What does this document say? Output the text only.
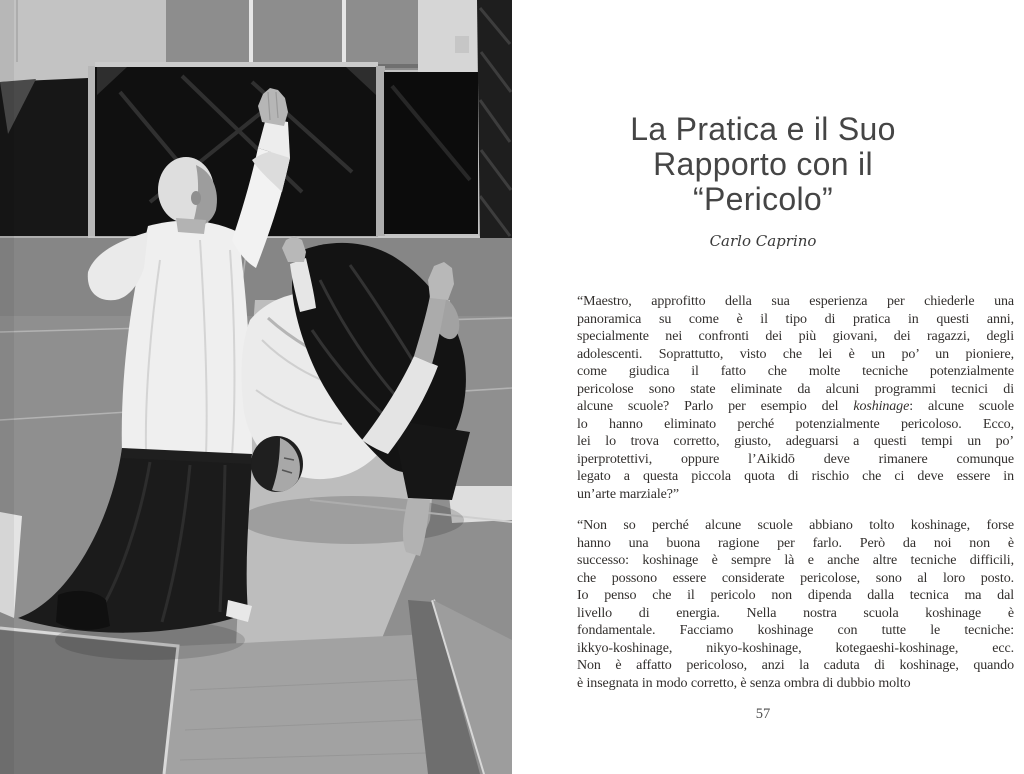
La Pratica e il Suo
Rapporto con il
“Pericolo”
Carlo Caprino
“Maestro, approfitto della sua esperienza per chiederle una
panoramica su come è il tipo di pratica in questi anni,
specialmente nei confronti dei più giovani, dei ragazzi, degli
adolescenti. Soprattutto, visto che lei è un po’ un pioniere,
come giudica il fatto che molte tecniche potenzialmente
pericolose sono state eliminate da alcuni programmi tecnici di
alcune scuole? Parlo per esempio del koshinage: alcune scuole
lo hanno eliminato perché potenzialmente pericoloso. Ecco,
lei lo trova corretto, giusto, adeguarsi a questi tempi un po’
iperprotettivi, oppure l’Aikidō deve rimanere comunque
legato a questa piccola quota di rischio che ci deve essere in
un’arte marziale?”
“Non so perché alcune scuole abbiano tolto koshinage, forse
hanno una buona ragione per farlo. Però da noi non è
successo: koshinage è sempre là e anche altre tecniche difficili,
che possono essere considerate pericolose, sono al loro posto.
Io penso che il pericolo non dipenda dalla tecnica ma dal
livello di energia. Nella nostra scuola koshinage è
fondamentale. Facciamo koshinage con tutte le tecniche:
ikkyo-koshinage, nikyo-koshinage, kotegaeshi-koshinage, ecc.
Non è affatto pericoloso, anzi la caduta di koshinage, quando
è insegnata in modo corretto, è senza ombra di dubbio molto
57
